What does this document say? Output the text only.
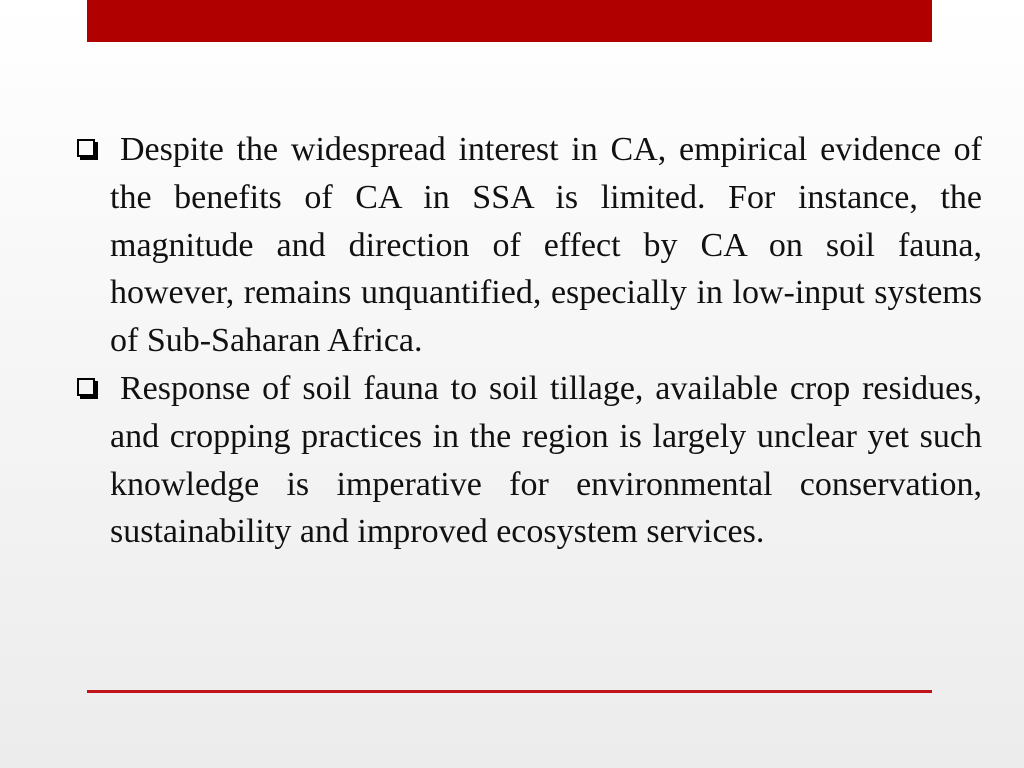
Despite the widespread interest in CA, empirical evidence of the benefits of CA in SSA is limited. For instance, the magnitude and direction of effect by CA on soil fauna, however, remains unquantified, especially in low-input systems of Sub-Saharan Africa.

Response of soil fauna to soil tillage, available crop residues, and cropping practices in the region is largely unclear yet such knowledge is imperative for environmental conservation, sustainability and improved ecosystem services.
